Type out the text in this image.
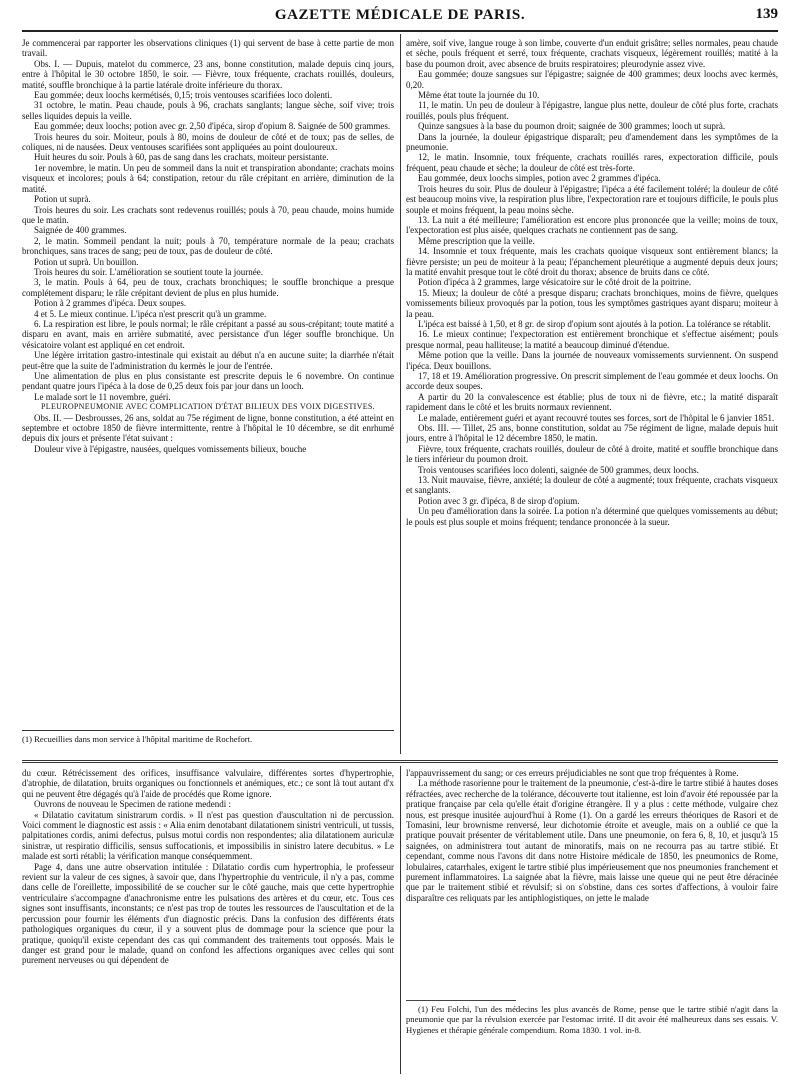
GAZETTE MÉDICALE DE PARIS.	139

Je commencerai par rapporter les observations cliniques (1) qui servent de base à cette partie de mon travail.

Obs. I. — Dupuis, matelot du commerce, 23 ans, bonne constitution, malade depuis cinq jours, entre à l'hôpital le 30 octobre 1850, le soir. — Fièvre, toux fréquente, crachats rouillés, douleurs, matité, souffle bronchique à la partie latérale droite inférieure du thorax.

Eau gommée; deux loochs kermétisés, 0,15; trois ventouses scarifiées loco dolenti.

31 octobre, le matin. Peau chaude, pouls à 96, crachats sanglants; langue sèche, soif vive; trois selles liquides depuis la veille.

Eau gommée; deux loochs; potion avec gr. 2,50 d'ipéca, sirop d'opium 8. Saignée de 500 grammes.

Trois heures du soir. Moiteur, pouls à 80, moins de douleur de côté et de toux; pas de selles, de coliques, ni de nausées. Deux ventouses scarifiées sont appliquées au point douloureux.

Huit heures du soir. Pouls à 60, pas de sang dans les crachats, moiteur persistante.

1er novembre, le matin. Un peu de sommeil dans la nuit et transpiration abondante; crachats moins visqueux et incolores; pouls à 64; constipation, retour du râle crépitant en arrière, diminution de la matité.

Potion ut suprà.

Trois heures du soir. Les crachats sont redevenus rouillés; pouls à 70, peau chaude, moins humide que le matin.

Saignée de 400 grammes.

2, le matin. Sommeil pendant la nuit; pouls à 70, température normale de la peau; crachats bronchiques, sans traces de sang; peu de toux, pas de douleur de côté.

Potion ut suprà. Un bouillon.

Trois heures du soir. L'amélioration se soutient toute la journée.

3, le matin. Pouls à 64, peu de toux, crachats bronchiques; le souffle bronchique a presque complétement disparu; le râle crépitant devient de plus en plus humide.

Potion à 2 grammes d'ipéca. Deux soupes.

4 et 5. Le mieux continue. L'ipéca n'est prescrit qu'à un gramme.

6. La respiration est libre, le pouls normal; le râle crépitant a passé au sous-crépitant; toute matité a disparu en avant, mais en arrière submatité, avec persistance d'un léger souffle bronchique. Un vésicatoire volant est appliqué en cet endroit.

Une légère irritation gastro-intestinale qui existait au début n'a en aucune suite; la diarrhée n'était peut-être que la suite de l'administration du kermès le jour de l'entrée.

Une alimentation de plus en plus consistante est prescrite depuis le 6 novembre. On continue pendant quatre jours l'ipéca à la dose de 0,25 deux fois par jour dans un looch.

Le malade sort le 11 novembre, guéri.

PLEUROPNEUMONIE AVEC COMPLICATION D'ÉTAT BILIEUX DES VOIX DIGESTIVES.

Obs. II. — Desbrousses, 26 ans, soldat au 75e régiment de ligne, bonne constitution, a été atteint en septembre et octobre 1850 de fièvre intermittente, rentre à l'hôpital le 10 décembre, se dit enrhumé depuis dix jours et présente l'état suivant :

Douleur vive à l'épigastre, nausées, quelques vomissements bilieux, bouche

amère, soif vive, langue rouge à son limbe, couverte d'un enduit grisâtre; selles normales, peau chaude et sèche, pouls fréquent et serré, toux fréquente, crachats visqueux, légèrement rouillés; matité à la base du poumon droit, avec absence de bruits respiratoires; pleurodynie assez vive.

Eau gommée; douze sangsues sur l'épigastre; saignée de 400 grammes; deux loochs avec kermès, 0,20.

Même état toute la journée du 10.

11, le matin. Un peu de douleur à l'épigastre, langue plus nette, douleur de côté plus forte, crachats rouillés, pouls plus fréquent.

Quinze sangsues à la base du poumon droit; saignée de 300 grammes; looch ut suprà.

Dans la journée, la douleur épigastrique disparaît; peu d'amendement dans les symptômes de la pneumonie.

12, le matin. Insomnie, toux fréquente, crachats rouillés rares, expectoration difficile, pouls fréquent, peau chaude et sèche; la douleur de côté est très-forte.

Eau gommée, deux loochs simples, potion avec 2 grammes d'ipéca.

Trois heures du soir. Plus de douleur à l'épigastre; l'ipéca a été facilement toléré; la douleur de côté est beaucoup moins vive, la respiration plus libre, l'expectoration rare et toujours difficile, le pouls plus souple et moins fréquent, la peau moins sèche.

13. La nuit a été meilleure; l'amélioration est encore plus prononcée que la veille; moins de toux, l'expectoration est plus aisée, quelques crachats ne contiennent pas de sang.

Même prescription que la veille.

14. Insomnie et toux fréquente, mais les crachats quoique visqueux sont entièrement blancs; la fièvre persiste; un peu de moiteur à la peau; l'épanchement pleurétique a augmenté depuis deux jours; la matité envahit presque tout le côté droit du thorax; absence de bruits dans ce côté.

Potion d'ipéca à 2 grammes, large vésicatoire sur le côté droit de la poitrine.

15. Mieux; la douleur de côté a presque disparu; crachats bronchiques, moins de fièvre, quelques vomissements bilieux provoqués par la potion, tous les symptômes gastriques ayant disparu; moiteur à la peau.

L'ipéca est baissé à 1,50, et 8 gr. de sirop d'opium sont ajoutés à la potion. La tolérance se rétablit.

16. Le mieux continue; l'expectoration est entièrement bronchique et s'effectue aisément; pouls presque normal, peau halliteuse; la matité a beaucoup diminué d'étendue.

Même potion que la veille. Dans la journée de nouveaux vomissements surviennent. On suspend l'ipéca. Deux bouillons.

17, 18 et 19. Amélioration progressive. On prescrit simplement de l'eau gommée et deux loochs. On accorde deux soupes.

A partir du 20 la convalescence est établie; plus de toux ni de fièvre, etc.; la matité disparaît rapidement dans le côté et les bruits normaux reviennent.

Le malade, entièrement guéri et ayant recouvré toutes ses forces, sort de l'hôpital le 6 janvier 1851.

Obs. III. — Tillet, 25 ans, bonne constitution, soldat au 75e régiment de ligne, malade depuis huit jours, entre à l'hôpital le 12 décembre 1850, le matin.

Fièvre, toux fréquente, crachats rouillés, douleur de côté à droite, matité et souffle bronchique dans le tiers inférieur du poumon droit.

Trois ventouses scarifiées loco dolenti, saignée de 500 grammes, deux loochs.

13. Nuit mauvaise, fièvre, anxiété; la douleur de côté a augmenté; toux fréquente, crachats visqueux et sanglants.

Potion avec 3 gr. d'ipéca, 8 de sirop d'opium.

Un peu d'amélioration dans la soirée. La potion n'a déterminé que quelques vomissements au début; le pouls est plus souple et moins fréquent; tendance prononcée à la sueur.

(1) Recueillies dans mon service à l'hôpital maritime de Rochefort.

du cœur. Rétrécissement des orifices, insuffisance valvulaire, différentes sortes d'hypertrophie, d'atrophie, de dilatation, bruits organiques ou fonctionnels et anémiques, etc.; ce sont là tout autant d'x qui ne peuvent être dégagés qu'à l'aide de procédés que Rome ignore.

Ouvrons de nouveau le Specimen de ratione medendi :

« Dilatatio cavitatum sinistrarum cordis. » Il n'est pas question d'auscultation ni de percussion. Voici comment le diagnostic est assis : « Alia enim denotabant dilatationem sinistri ventriculi, ut tussis, palpitationes cordis, animi defectus, pulsus motui cordis non respondentes; alia dilatationem auriculæ sinistræ, ut respiratio difficilis, sensus suffocationis, et impossibilis in sinistro latere decubitus. » Le malade est sorti rétabli; la vérification manque conséquemment.

Page 4, dans une autre observation intitulée : Dilatatio cordis cum hypertrophia, le professeur revient sur la valeur de ces signes, à savoir que, dans l'hypertrophie du ventricule, il n'y a pas, comme dans celle de l'oreillette, impossibilité de se coucher sur le côté gauche, mais que cette hypertrophie ventriculaire s'accompagne d'anachronisme entre les pulsations des artères et du cœur, etc. Tous ces signes sont insuffisants, inconstants; ce n'est pas trop de toutes les ressources de l'auscultation et de la percussion pour fournir les éléments d'un diagnostic précis. Dans la confusion des différents états pathologiques organiques du cœur, il y a souvent plus de dommage pour la science que pour la pratique, quoiqu'il existe cependant des cas qui commandent des traitements tout opposés. Mais le danger est grand pour le malade, quand on confond les affections organiques avec celles qui sont purement nerveuses ou qui dépendent de

l'appauvrissement du sang; or ces erreurs préjudiciables ne sont que trop fréquentes à Rome.

La méthode rasorienne pour le traitement de la pneumonie, c'est-à-dire le tartre stibié à hautes doses réfractées, avec recherche de la tolérance, découverte tout italienne, est loin d'avoir été repoussée par la pratique française par cela qu'elle était d'origine étrangère. Il y a plus : cette méthode, vulgaire chez nous, est presque inusitée aujourd'hui à Rome (1). On a gardé les erreurs théoriques de Rasori et de Tomasini, leur brownisme renversé, leur dichotomie étroite et aveugle, mais on a oublié ce que la pratique pouvait présenter de véritablement utile. Dans une pneumonie, on fera 6, 8, 10, et jusqu'à 15 saignées, on administrera tout autant de minoratifs, mais on ne recourra pas au tartre stibié. Et cependant, comme nous l'avons dit dans notre Histoire médicale de 1850, les pneumonics de Rome, lobulaires, catarrhales, exigent le tartre stibié plus impérieusement que nos pneumonies franchement et purement inflammatoires. La saignée abat la fièvre, mais laisse une queue qui ne peut être déracinée que par le traitement stibié et révulsif; si on s'obstine, dans ces sortes d'affections, à vouloir faire disparaître ces reliquats par les antiphlogistiques, on jette le malade

(1) Feu Folchi, l'un des médecins les plus avancés de Rome, pense que le tartre stibié n'agit dans la pneumonie que par la révulsion exercée par l'estomac irrité. Il dit avoir été malheureux dans ses essais. V. Hygienes et thérapie générale compendium. Roma 1830. 1 vol. in-8.
